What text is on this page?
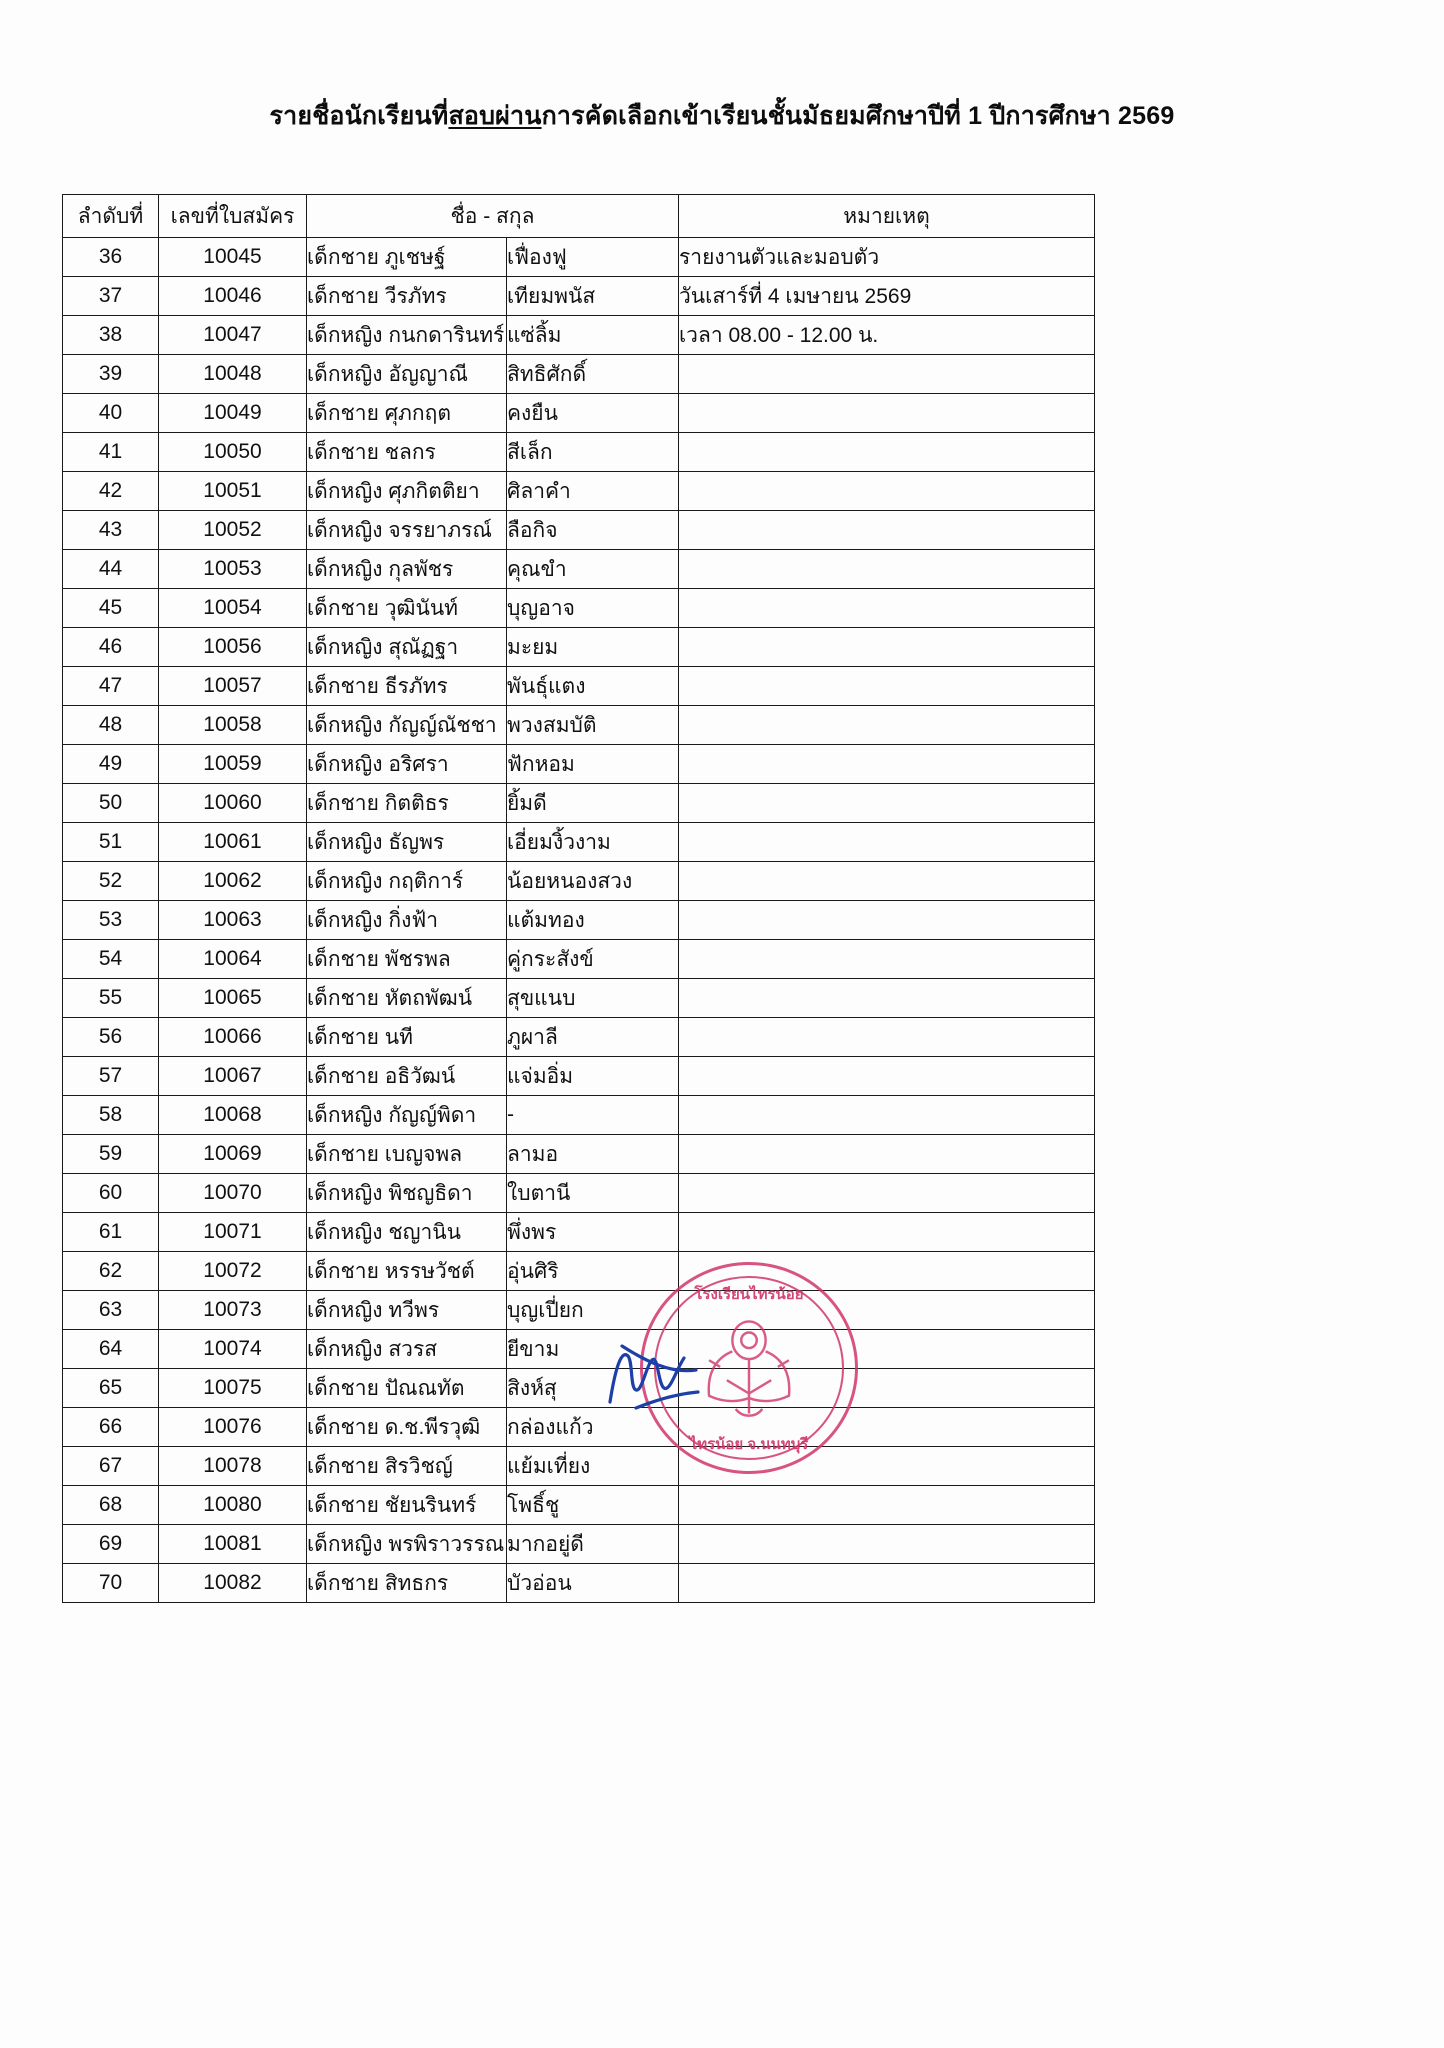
รายชื่อนักเรียนที่สอบผ่านการคัดเลือกเข้าเรียนชั้นมัธยมศึกษาปีที่ 1 ปีการศึกษา 2569
ลำดับที่	เลขที่ใบสมัคร	ชื่อ - สกุล		หมายเหตุ
36	10045	เด็กชาย ภูเชษฐ์	เฟื่องฟู	รายงานตัวและมอบตัว
37	10046	เด็กชาย วีรภัทร	เทียมพนัส	วันเสาร์ที่ 4 เมษายน 2569
38	10047	เด็กหญิง กนกดารินทร์	แซ่ลิ้ม	เวลา 08.00 - 12.00 น.
39	10048	เด็กหญิง อัญญาณี	สิทธิศักดิ์	
40	10049	เด็กชาย ศุภกฤต	คงยืน	
41	10050	เด็กชาย ชลกร	สีเล็ก	
42	10051	เด็กหญิง ศุภกิตติยา	ศิลาคำ	
43	10052	เด็กหญิง จรรยาภรณ์	ลือกิจ	
44	10053	เด็กหญิง กุลพัชร	คุณขำ	
45	10054	เด็กชาย วุฒินันท์	บุญอาจ	
46	10056	เด็กหญิง สุณัฏฐา	มะยม	
47	10057	เด็กชาย ธีรภัทร	พันธุ์แตง	
48	10058	เด็กหญิง กัญญ์ณัชชา	พวงสมบัติ	
49	10059	เด็กหญิง อริศรา	ฟักหอม	
50	10060	เด็กชาย กิตติธร	ยิ้มดี	
51	10061	เด็กหญิง ธัญพร	เอี่ยมงิ้วงาม	
52	10062	เด็กหญิง กฤติการ์	น้อยหนองสวง	
53	10063	เด็กหญิง กิ่งฟ้า	แต้มทอง	
54	10064	เด็กชาย พัชรพล	คู่กระสังข์	
55	10065	เด็กชาย หัตถพัฒน์	สุขแนบ	
56	10066	เด็กชาย นที	ภูผาลี	
57	10067	เด็กชาย อธิวัฒน์	แจ่มอิ่ม	
58	10068	เด็กหญิง กัญญ์พิดา	-	
59	10069	เด็กชาย เบญจพล	ลามอ	
60	10070	เด็กหญิง พิชญธิดา	ใบตานี	
61	10071	เด็กหญิง ชญานิน	พึ่งพร	
62	10072	เด็กชาย หรรษวัชต์	อุ่นศิริ	
63	10073	เด็กหญิง ทวีพร	บุญเปี่ยก	
64	10074	เด็กหญิง สวรส	ยีขาม	
65	10075	เด็กชาย ปัณณทัต	สิงห์สุ	
66	10076	เด็กชาย ด.ช.พีรวุฒิ	กล่องแก้ว	
67	10078	เด็กชาย สิรวิชญ์	แย้มเที่ยง	
68	10080	เด็กชาย ชัยนรินทร์	โพธิ์ชู	
69	10081	เด็กหญิง พรพิราวรรณ	มากอยู่ดี	
70	10082	เด็กชาย สิทธกร	บัวอ่อน	
โรงเรียนไทรน้อย
ไทรน้อย จ.นนทบุรี
